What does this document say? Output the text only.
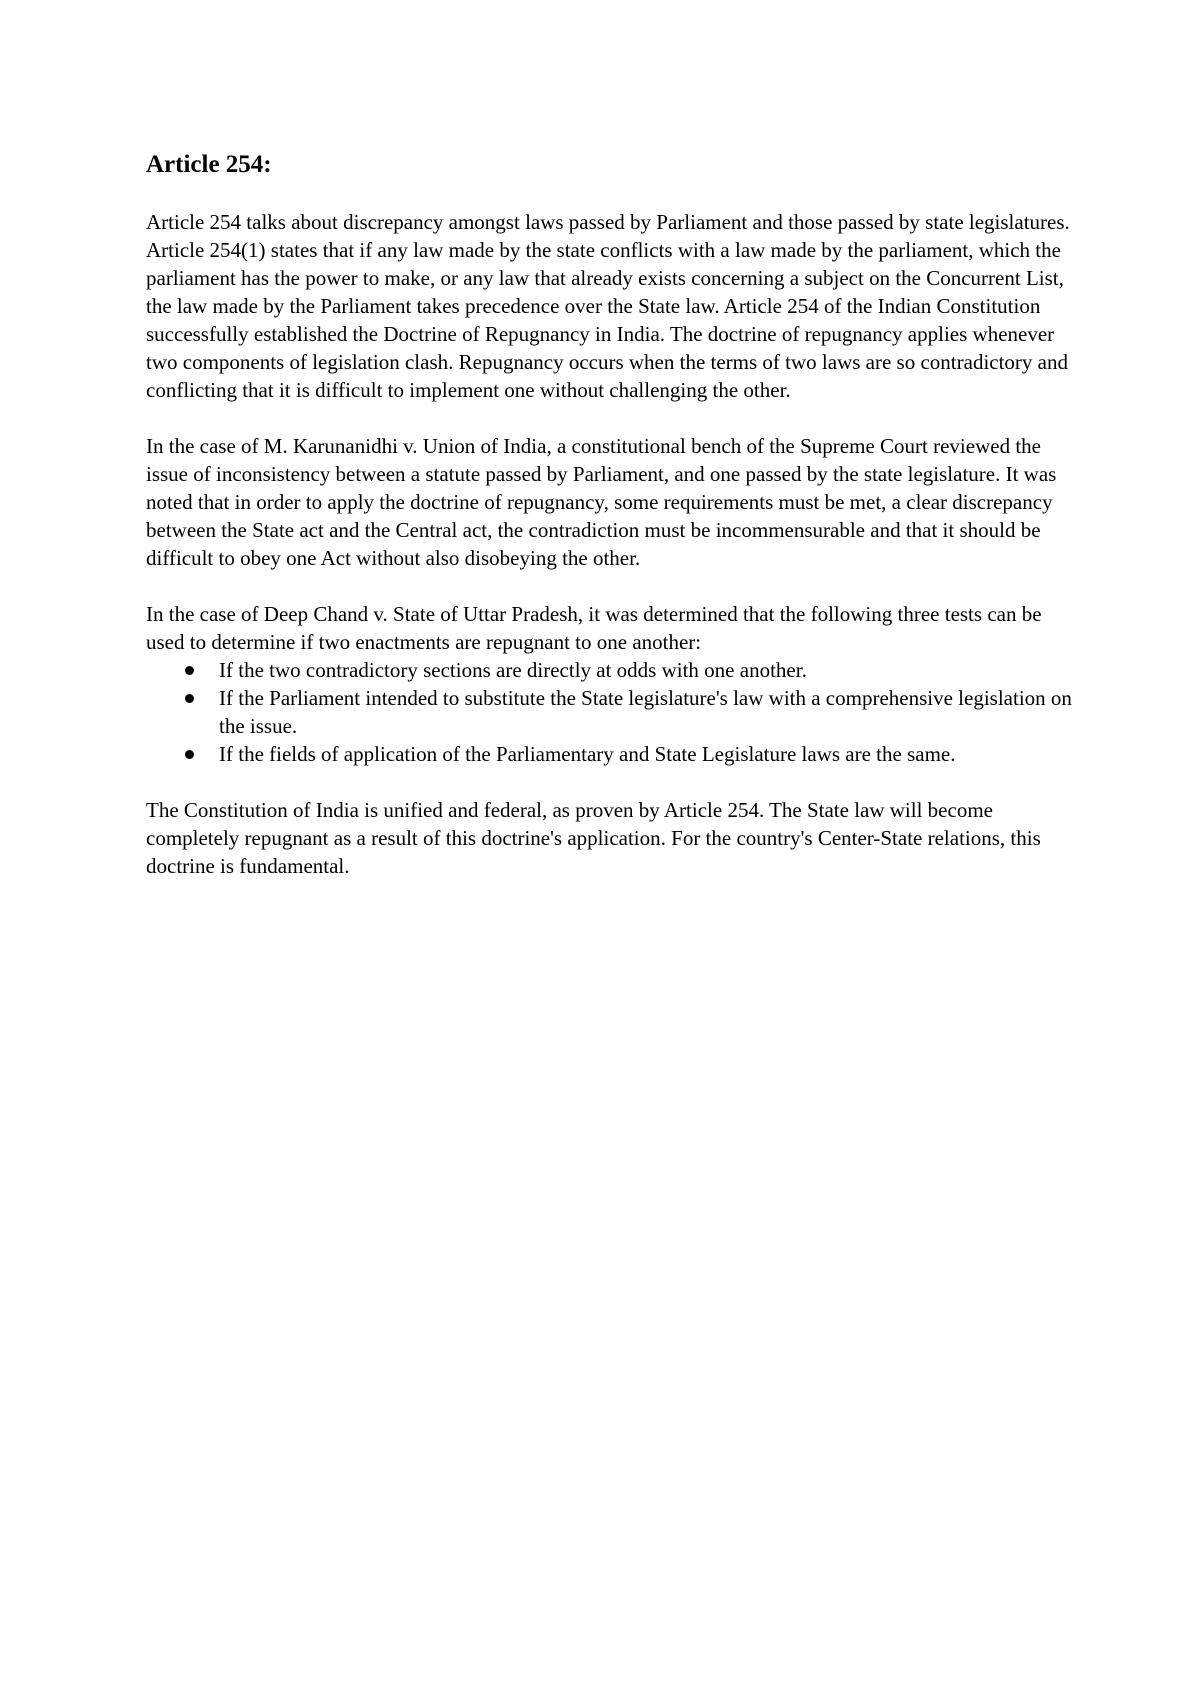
Article 254:

Article 254 talks about discrepancy amongst laws passed by Parliament and those passed by state legislatures. Article 254(1) states that if any law made by the state conflicts with a law made by the parliament, which the parliament has the power to make, or any law that already exists concerning a subject on the Concurrent List, the law made by the Parliament takes precedence over the State law. Article 254 of the Indian Constitution successfully established the Doctrine of Repugnancy in India. The doctrine of repugnancy applies whenever two components of legislation clash. Repugnancy occurs when the terms of two laws are so contradictory and conflicting that it is difficult to implement one without challenging the other.

In the case of M. Karunanidhi v. Union of India, a constitutional bench of the Supreme Court reviewed the issue of inconsistency between a statute passed by Parliament, and one passed by the state legislature. It was noted that in order to apply the doctrine of repugnancy, some requirements must be met, a clear discrepancy between the State act and the Central act, the contradiction must be incommensurable and that it should be difficult to obey one Act without also disobeying the other.

In the case of Deep Chand v. State of Uttar Pradesh, it was determined that the following three tests can be used to determine if two enactments are repugnant to one another:

If the two contradictory sections are directly at odds with one another.
If the Parliament intended to substitute the State legislature's law with a comprehensive legislation on the issue.
If the fields of application of the Parliamentary and State Legislature laws are the same.

The Constitution of India is unified and federal, as proven by Article 254. The State law will become completely repugnant as a result of this doctrine's application. For the country's Center-State relations, this doctrine is fundamental.
